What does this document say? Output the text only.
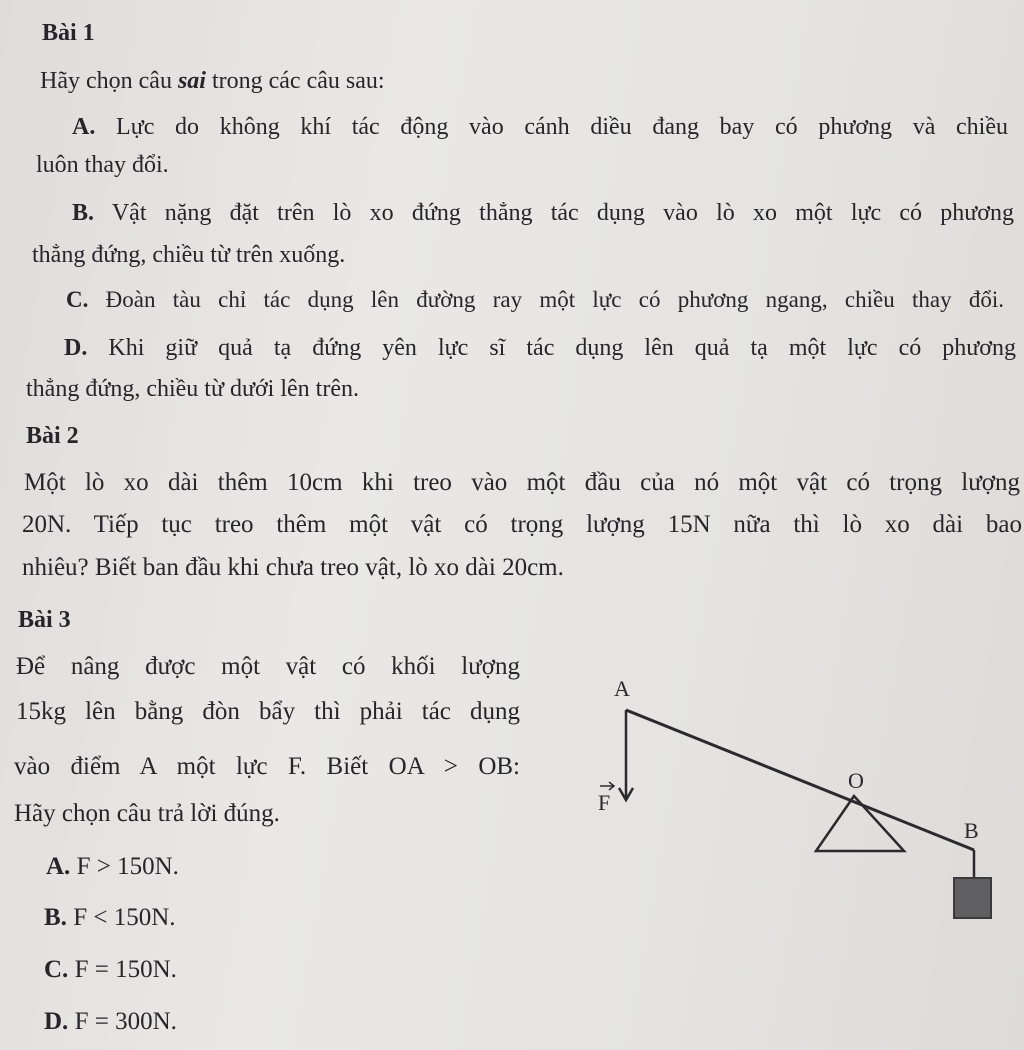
Bài 1
Hãy chọn câu sai trong các câu sau:
A. Lực do không khí tác động vào cánh diều đang bay có phương và chiều
luôn thay đổi.
B. Vật nặng đặt trên lò xo đứng thẳng tác dụng vào lò xo một lực có phương
thẳng đứng, chiều từ trên xuống.
C. Đoàn tàu chỉ tác dụng lên đường ray một lực có phương ngang, chiều thay đổi.
D. Khi giữ quả tạ đứng yên lực sĩ tác dụng lên quả tạ một lực có phương
thẳng đứng, chiều từ dưới lên trên.
Bài 2
Một lò xo dài thêm 10cm khi treo vào một đầu của nó một vật có trọng lượng
20N. Tiếp tục treo thêm một vật có trọng lượng 15N nữa thì lò xo dài bao
nhiêu? Biết ban đầu khi chưa treo vật, lò xo dài 20cm.
Bài 3
Để nâng được một vật có khối lượng
15kg lên bằng đòn bẩy thì phải tác dụng
vào điểm A một lực F. Biết OA > OB:
Hãy chọn câu trả lời đúng.
A. F > 150N.
B. F < 150N.
C. F = 150N.
D. F = 300N.
A
O
B
F
